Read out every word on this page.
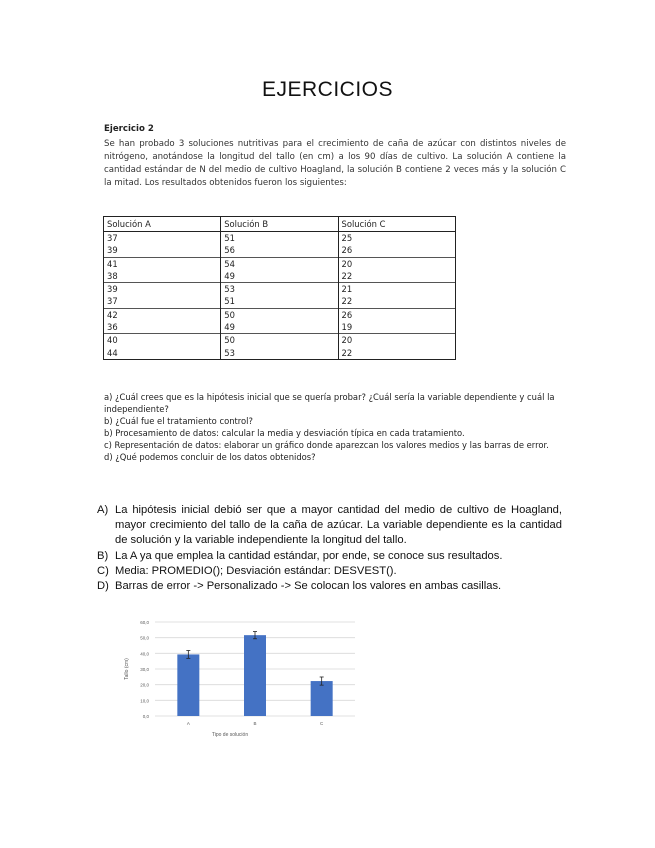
EJERCICIOS
Ejercicio 2
Se han probado 3 soluciones nutritivas para el crecimiento de caña de azúcar con distintos niveles de nitrógeno, anotándose la longitud del tallo (en cm) a los 90 días de cultivo. La solución A contiene la cantidad estándar de N del medio de cultivo Hoagland, la solución B contiene 2 veces más y la solución C la mitad. Los resultados obtenidos fueron los siguientes:
Solución A	Solución B	Solución C
37	51	25
39	56	26
41	54	20
38	49	22
39	53	21
37	51	22
42	50	26
36	49	19
40	50	20
44	53	22

a) ¿Cuál crees que es la hipótesis inicial que se quería probar? ¿Cuál sería la variable dependiente y cuál la independiente?

b) ¿Cuál fue el tratamiento control?

b) Procesamiento de datos: calcular la media y desviación típica en cada tratamiento.

c) Representación de datos: elaborar un gráfico donde aparezcan los valores medios y las barras de error.

d) ¿Qué podemos concluir de los datos obtenidos?

A) La hipótesis inicial debió ser que a mayor cantidad del medio de cultivo de Hoagland, mayor crecimiento del tallo de la caña de azúcar. La variable dependiente es la cantidad de solución y la variable independiente la longitud del tallo.
B) La A ya que emplea la cantidad estándar, por ende, se conoce sus resultados.
C) Media: PROMEDIO(); Desviación estándar: DESVEST().
D) Barras de error -> Personalizado -> Se colocan los valores en ambas casillas.
0,0
10,0
20,0
30,0
40,0
50,0
60,0
A	B	C
Tipo de solución
Tallo (cm)
